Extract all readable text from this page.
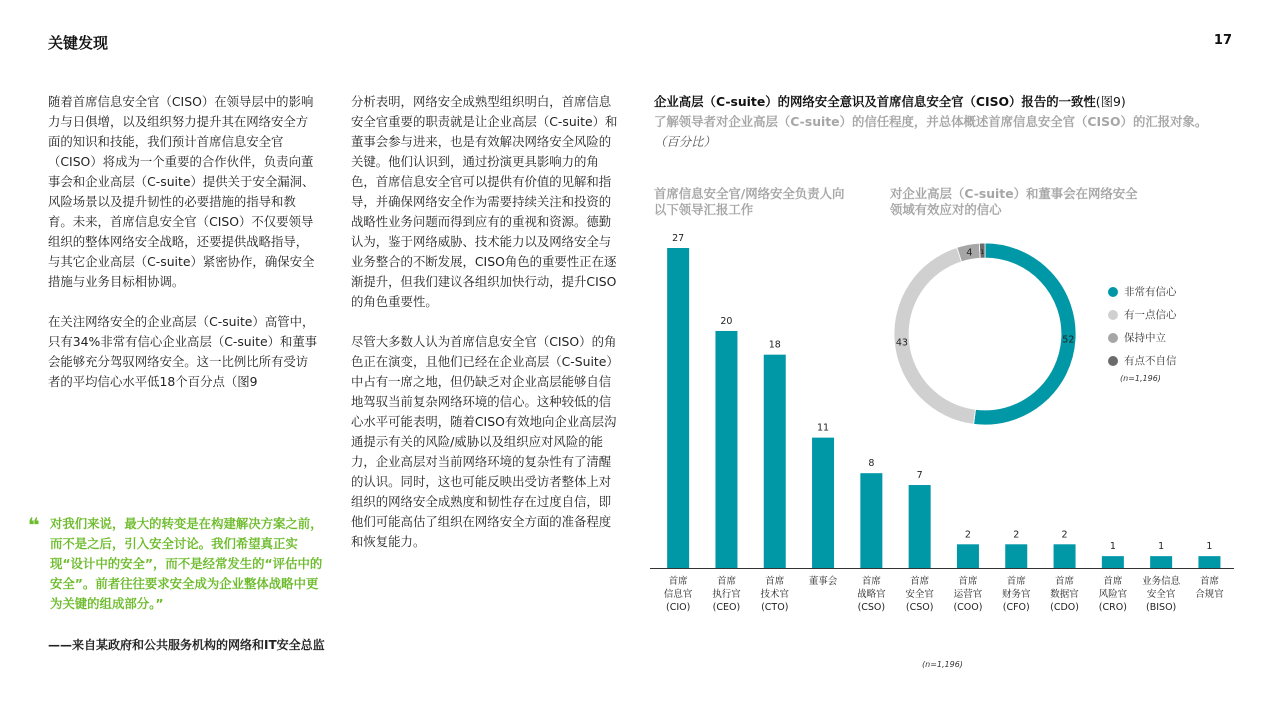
关键发现	17

随着首席信息安全官（CISO）在领导层中的影响力与日俱增，以及组织努力提升其在网络安全方面的知识和技能，我们预计首席信息安全官（CISO）将成为一个重要的合作伙伴，负责向董事会和企业高层（C-suite）提供关于安全漏洞、风险场景以及提升韧性的必要措施的指导和教育。未来，首席信息安全官（CISO）不仅要领导组织的整体网络安全战略，还要提供战略指导，与其它企业高层（C-suite）紧密协作，确保安全措施与业务目标相协调。

在关注网络安全的企业高层（C-suite）高管中，只有34%非常有信心企业高层（C-suite）和董事会能够充分驾驭网络安全。这一比例比所有受访者的平均信心水平低18个百分点（图9

分析表明，网络安全成熟型组织明白，首席信息安全官重要的职责就是让企业高层（C-suite）和董事会参与进来，也是有效解决网络安全风险的关键。他们认识到，通过扮演更具影响力的角色，首席信息安全官可以提供有价值的见解和指导，并确保网络安全作为需要持续关注和投资的战略性业务问题而得到应有的重视和资源。德勤认为，鉴于网络威胁、技术能力以及网络安全与业务整合的不断发展，CISO角色的重要性正在逐渐提升，但我们建议各组织加快行动，提升CISO的角色重要性。

尽管大多数人认为首席信息安全官（CISO）的角色正在演变，且他们已经在企业高层（C-Suite）中占有一席之地，但仍缺乏对企业高层能够自信地驾驭当前复杂网络环境的信心。这种较低的信心水平可能表明，随着CISO有效地向企业高层沟通提示有关的风险/威胁以及组织应对风险的能力，企业高层对当前网络环境的复杂性有了清醒的认识。同时，这也可能反映出受访者整体上对组织的网络安全成熟度和韧性存在过度自信，即他们可能高估了组织在网络安全方面的准备程度和恢复能力。

❝ 对我们来说，最大的转变是在构建解决方案之前，而不是之后，引入安全讨论。我们希望真正实现“设计中的安全”，而不是经常发生的“评估中的安全”。前者往往要求安全成为企业整体战略中更为关键的组成部分。”
——来自某政府和公共服务机构的网络和IT安全总监
企业高层（C-suite）的网络安全意识及首席信息安全官（CISO）报告的一致性(图9)
了解领导者对企业高层（C-suite）的信任程度，并总体概述首席信息安全官（CISO）的汇报对象。
（百分比）
首席信息安全官/网络安全负责人向以下领导汇报工作
对企业高层（C-suite）和董事会在网络安全领域有效应对的信心
27
首席信息官(CIO)
20
首席执行官(CEO)
18
首席技术官(CTO)
11
董事会
8
首席战略官(CSO)
7
首席安全官(CSO)
2
首席运营官(COO)
2
首席财务官(CFO)
2
首席数据官(CDO)
1
首席风险官(CRO)
1
业务信息安全官(BISO)
1
首席合规官
(n=1,196)
52
43
4 1
非常有信心
有一点信心
保持中立
有点不自信
(n=1,196)
